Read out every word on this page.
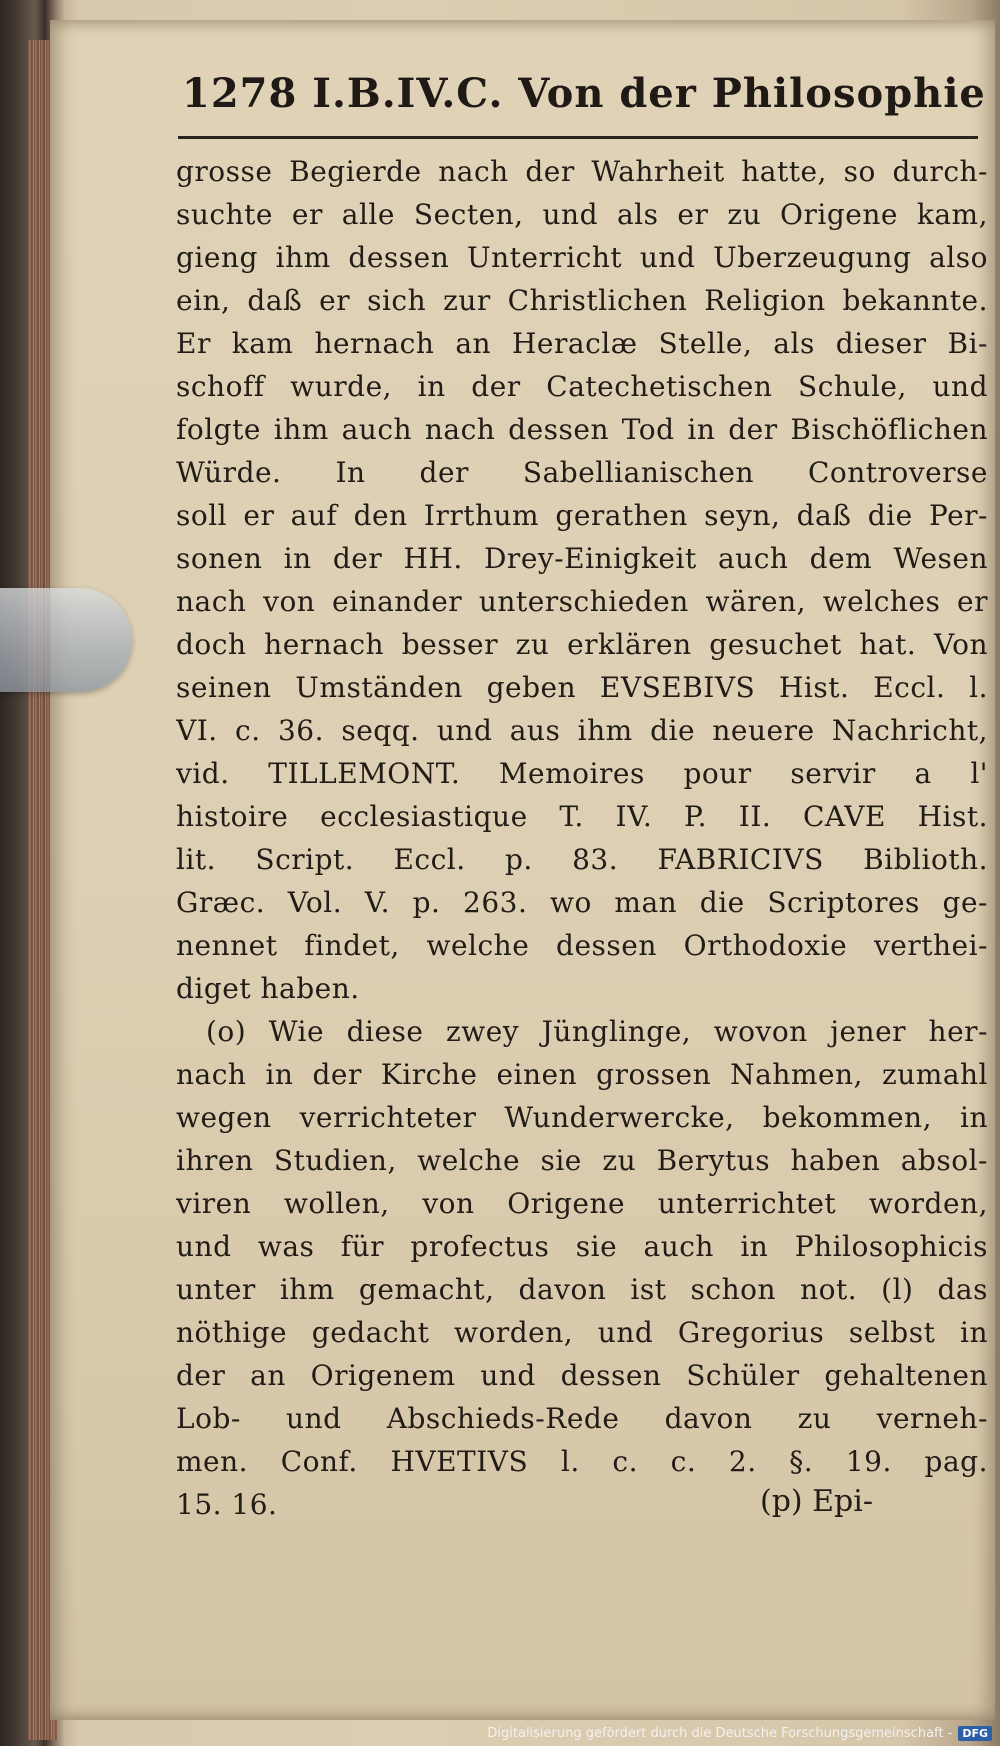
1278 I.B.IV.C. Von der Philosophie
grosse Begierde nach der Wahrheit hatte, so durch-
suchte er alle Secten, und als er zu Origene kam,
gieng ihm dessen Unterricht und Uberzeugung also
ein, daß er sich zur Christlichen Religion bekannte.
Er kam hernach an Heraclæ Stelle, als dieser Bi-
schoff wurde, in der Catechetischen Schule, und
folgte ihm auch nach dessen Tod in der Bischöflichen
Würde. In der Sabellianischen Controverse
soll er auf den Irrthum gerathen seyn, daß die Per-
sonen in der HH. Drey-Einigkeit auch dem Wesen
nach von einander unterschieden wären, welches er
doch hernach besser zu erklären gesuchet hat. Von
seinen Umständen geben EVSEBIVS Hist. Eccl. l.
VI. c. 36. seqq. und aus ihm die neuere Nachricht,
vid. TILLEMONT. Memoires pour servir a l'
histoire ecclesiastique T. IV. P. II. CAVE Hist.
lit. Script. Eccl. p. 83. FABRICIVS Biblioth.
Græc. Vol. V. p. 263. wo man die Scriptores ge-
nennet findet, welche dessen Orthodoxie verthei-
diget haben.
(o) Wie diese zwey Jünglinge, wovon jener her-
nach in der Kirche einen grossen Nahmen, zumahl
wegen verrichteter Wunderwercke, bekommen, in
ihren Studien, welche sie zu Berytus haben absol-
viren wollen, von Origene unterrichtet worden,
und was für profectus sie auch in Philosophicis
unter ihm gemacht, davon ist schon not. (l) das
nöthige gedacht worden, und Gregorius selbst in
der an Origenem und dessen Schüler gehaltenen
Lob- und Abschieds-Rede davon zu verneh-
men. Conf. HVETIVS l. c. c. 2. §. 19. pag.
15. 16.	(p) Epi-
Digitalisierung gefördert durch die Deutsche Forschungsgemeinschaft - DFG
